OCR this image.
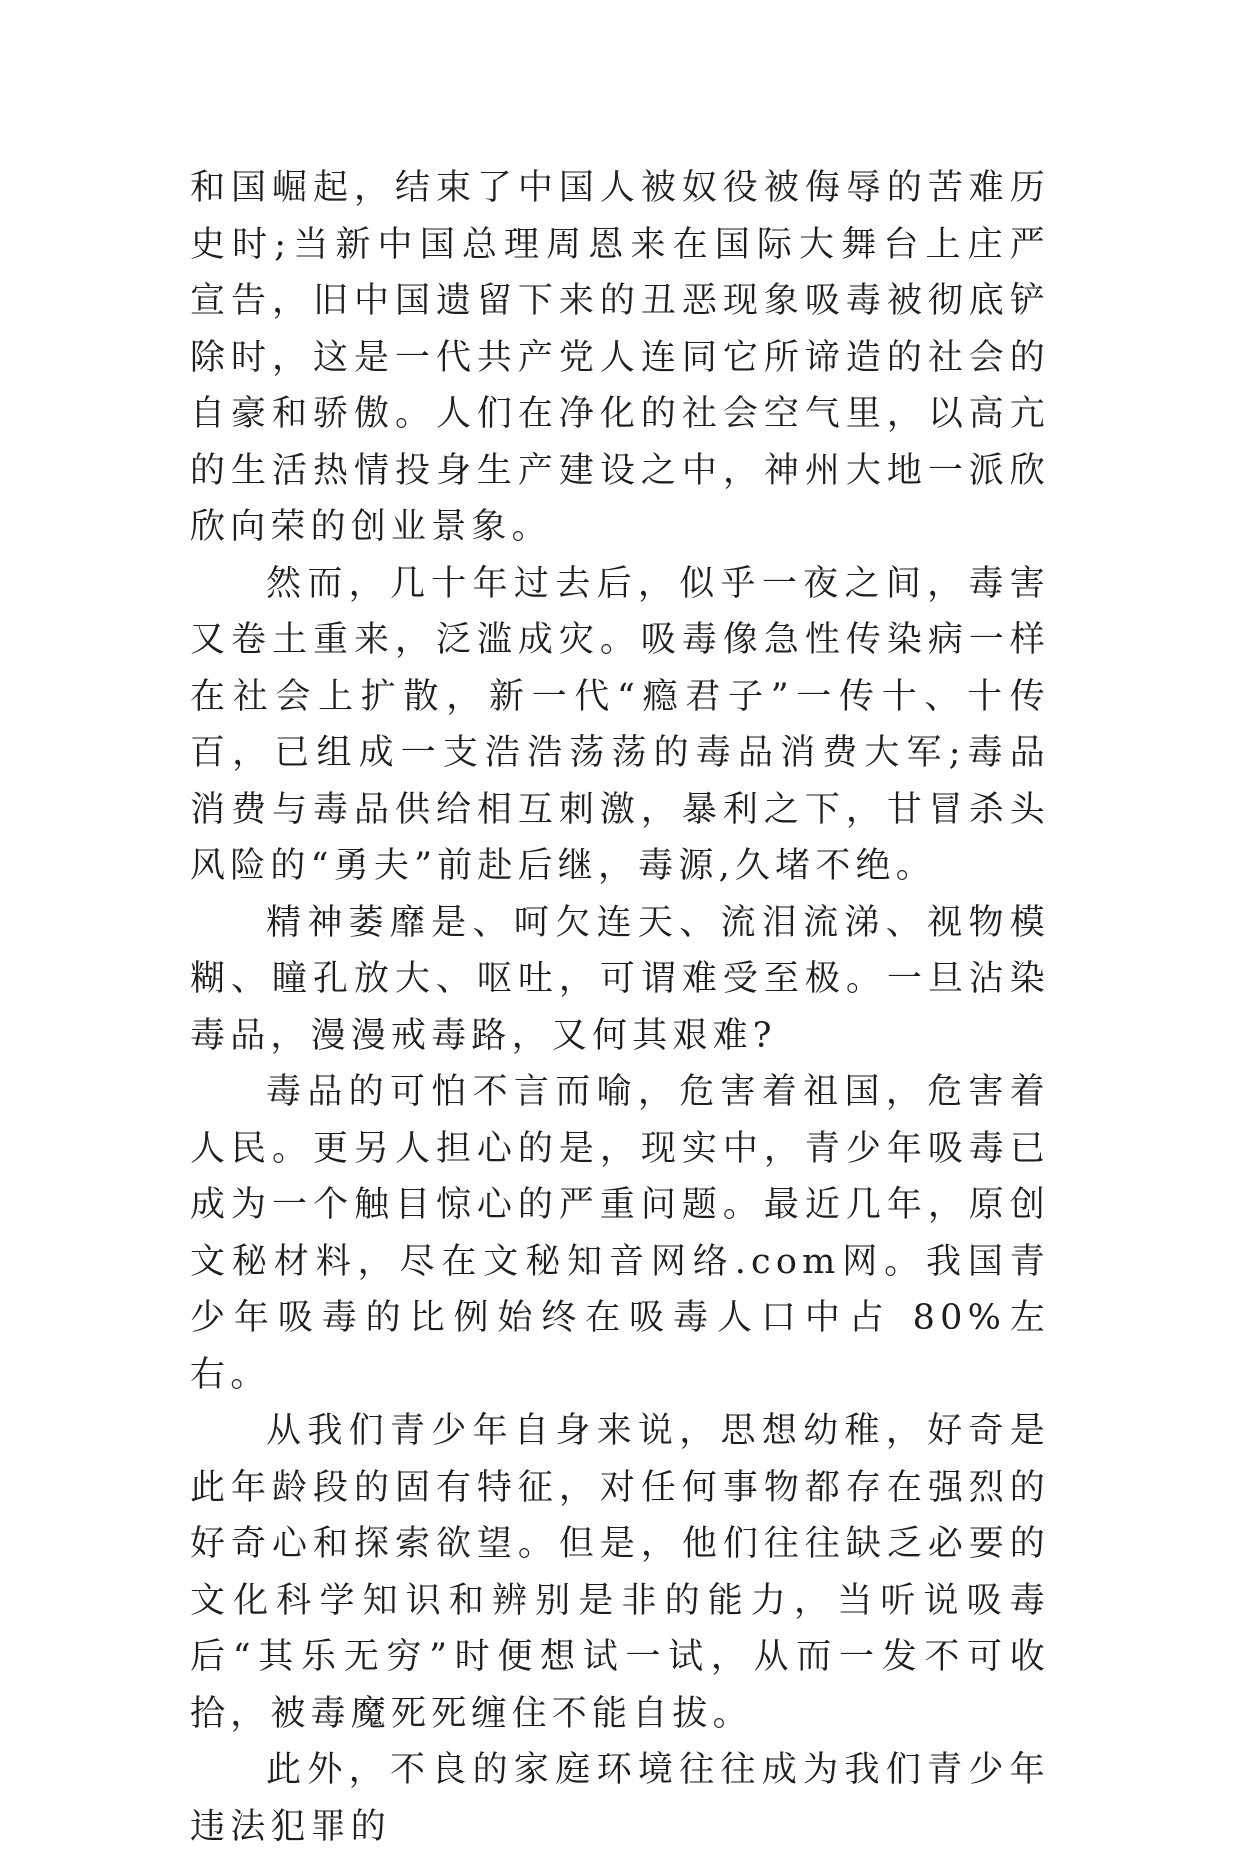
和国崛起，结束了中国人被奴役被侮辱的苦难历史时;当新中国总理周恩来在国际大舞台上庄严宣告，旧中国遗留下来的丑恶现象吸毒被彻底铲除时，这是一代共产党人连同它所谛造的社会的自豪和骄傲。人们在净化的社会空气里，以高亢的生活热情投身生产建设之中，神州大地一派欣欣向荣的创业景象。

然而，几十年过去后，似乎一夜之间，毒害又卷土重来，泛滥成灾。吸毒像急性传染病一样在社会上扩散，新一代“瘾君子”一传十、十传百，已组成一支浩浩荡荡的毒品消费大军;毒品消费与毒品供给相互刺激，暴利之下，甘冒杀头风险的“勇夫”前赴后继，毒源,久堵不绝。

精神萎靡是、呵欠连天、流泪流涕、视物模糊、瞳孔放大、呕吐，可谓难受至极。一旦沾染毒品，漫漫戒毒路，又何其艰难?

毒品的可怕不言而喻，危害着祖国，危害着人民。更另人担心的是，现实中，青少年吸毒已成为一个触目惊心的严重问题。最近几年，原创文秘材料，尽在文秘知音网络.com网。我国青少年吸毒的比例始终在吸毒人口中占 80%左右。

从我们青少年自身来说，思想幼稚，好奇是此年龄段的固有特征，对任何事物都存在强烈的好奇心和探索欲望。但是，他们往往缺乏必要的文化科学知识和辨别是非的能力，当听说吸毒后“其乐无穷”时便想试一试，从而一发不可收拾，被毒魔死死缠住不能自拔。

此外，不良的家庭环境往往成为我们青少年违法犯罪的
